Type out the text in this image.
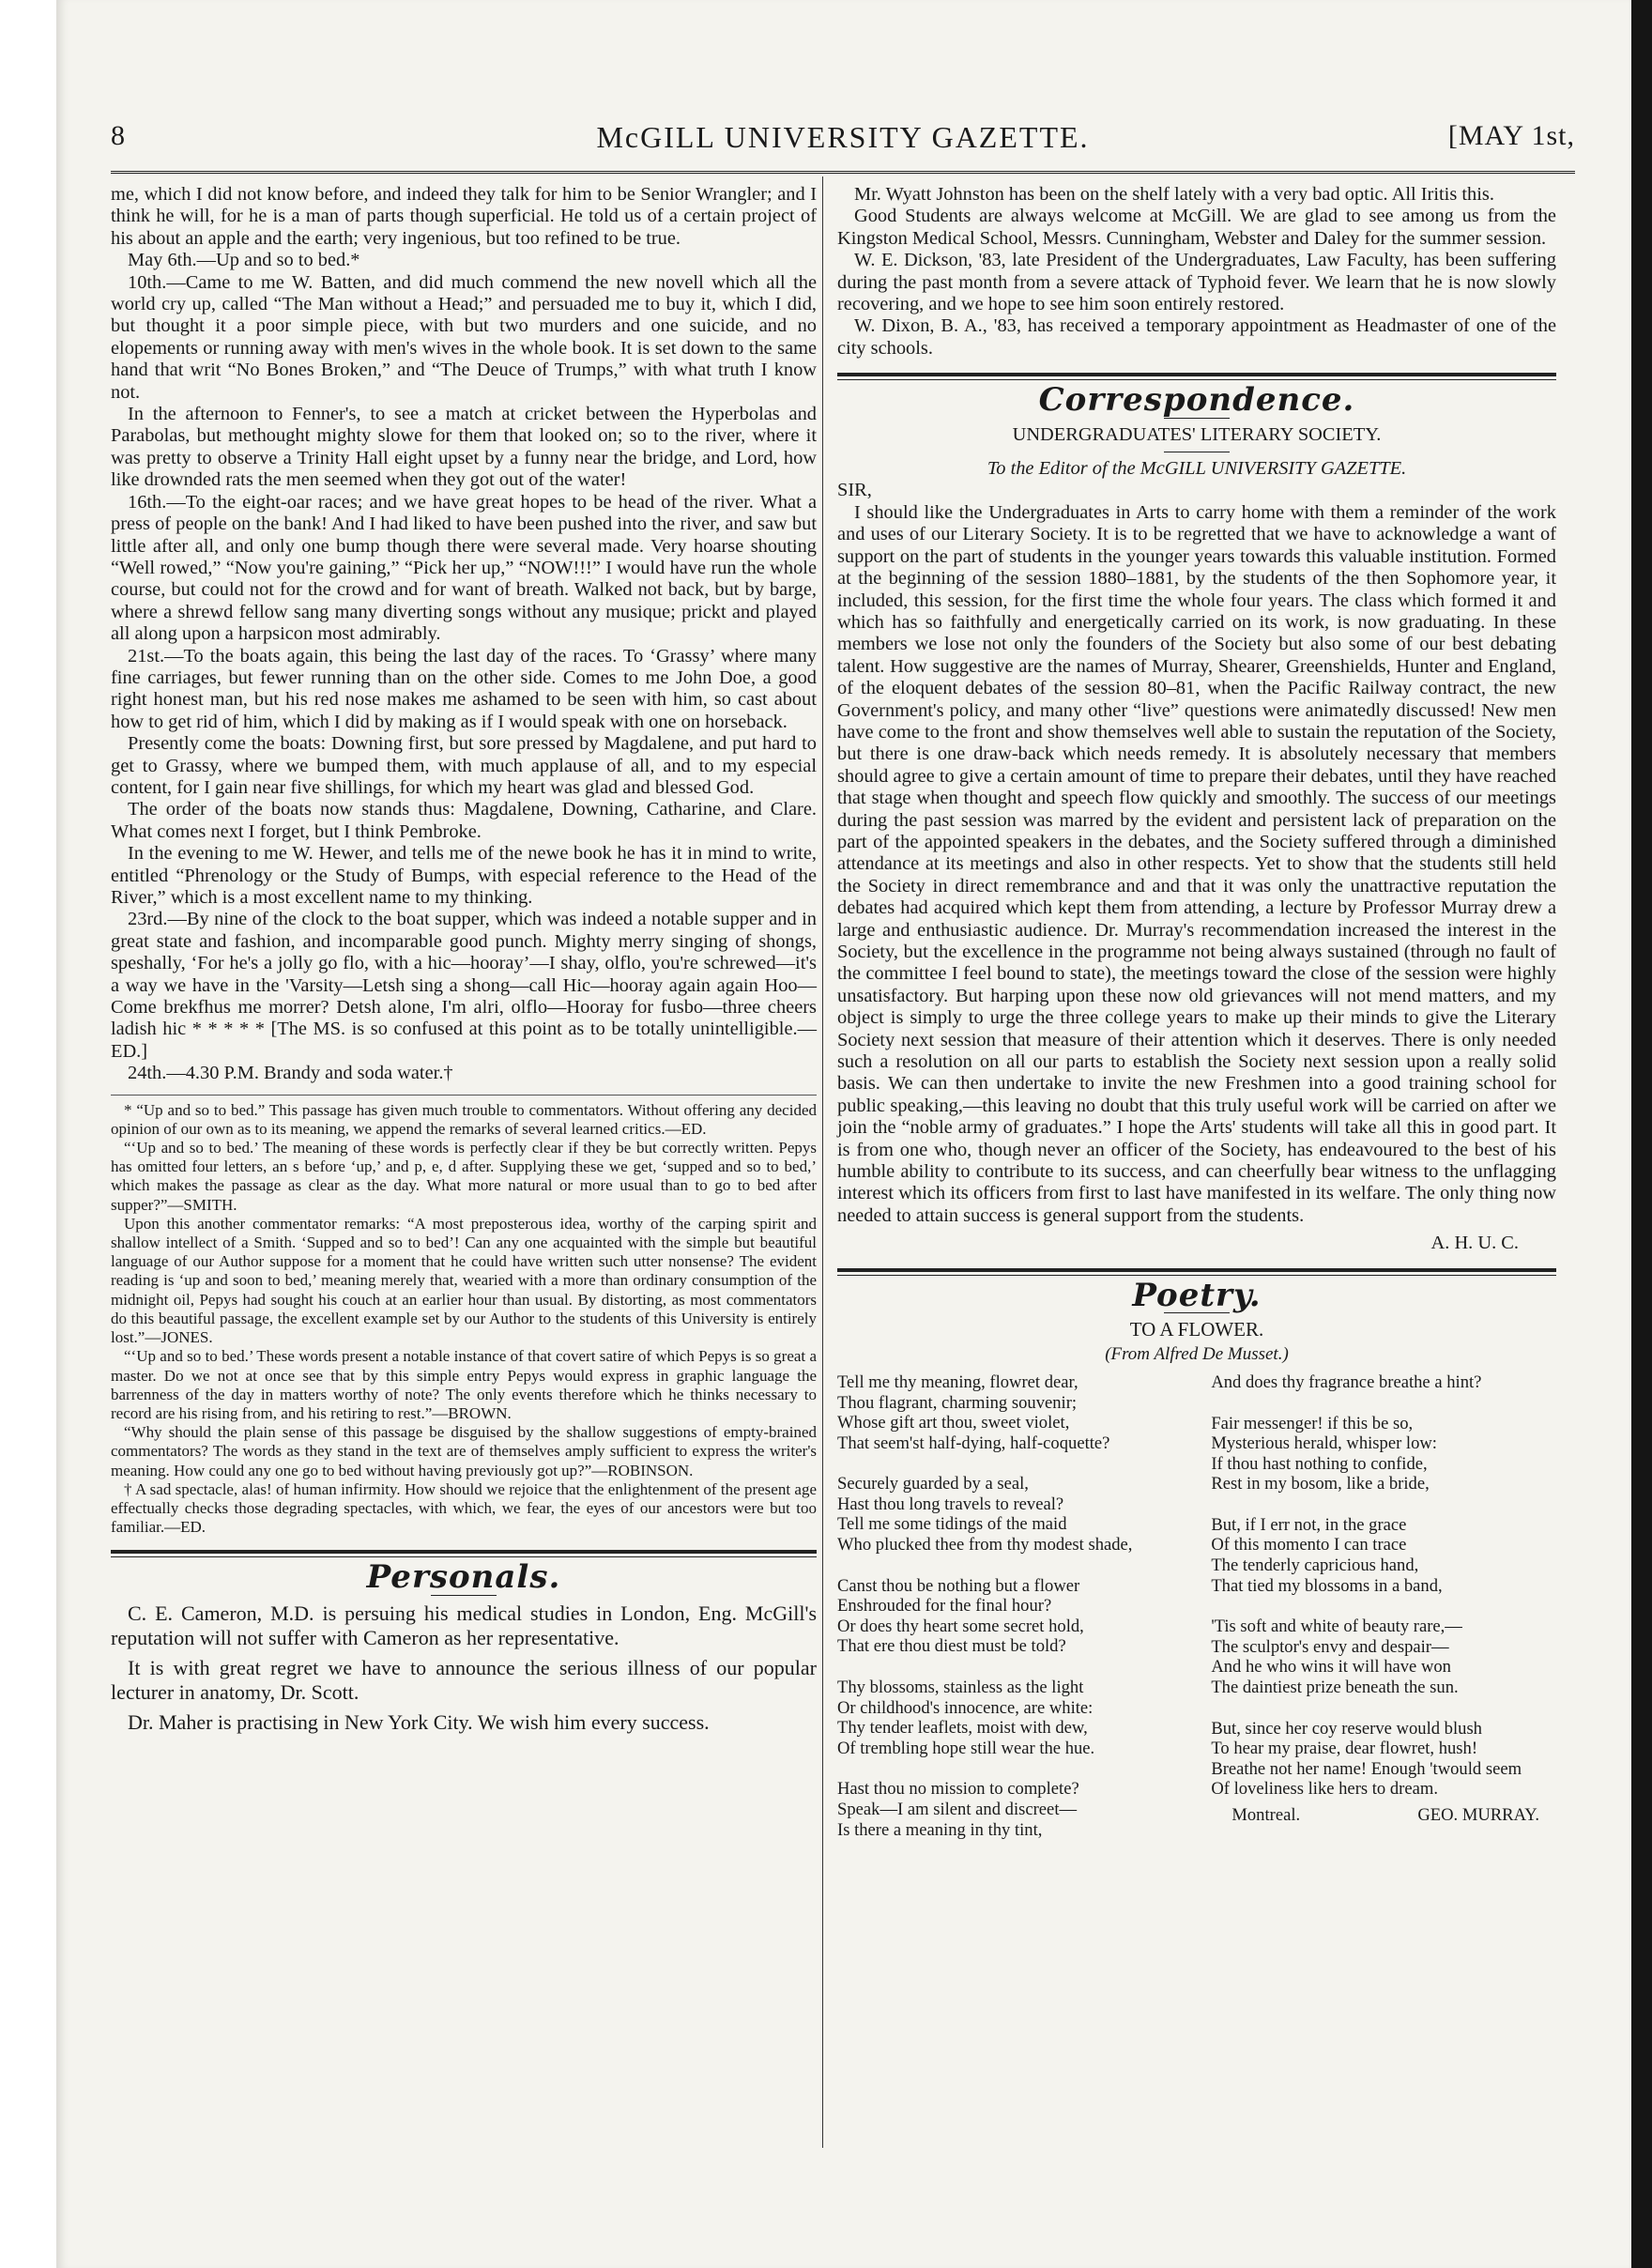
8	McGILL UNIVERSITY GAZETTE.	[MAY 1st,

me, which I did not know before, and indeed they talk for him to be Senior Wrangler; and I think he will, for he is a man of parts though superficial. He told us of a certain project of his about an apple and the earth; very ingenious, but too refined to be true.

May 6th.—Up and so to bed.*

10th.—Came to me W. Batten, and did much commend the new novell which all the world cry up, called “The Man without a Head;” and persuaded me to buy it, which I did, but thought it a poor simple piece, with but two murders and one suicide, and no elopements or running away with men's wives in the whole book. It is set down to the same hand that writ “No Bones Broken,” and “The Deuce of Trumps,” with what truth I know not.

In the afternoon to Fenner's, to see a match at cricket between the Hyperbolas and Parabolas, but methought mighty slowe for them that looked on; so to the river, where it was pretty to observe a Trinity Hall eight upset by a funny near the bridge, and Lord, how like drownded rats the men seemed when they got out of the water!

16th.—To the eight-oar races; and we have great hopes to be head of the river. What a press of people on the bank! And I had liked to have been pushed into the river, and saw but little after all, and only one bump though there were several made. Very hoarse shouting “Well rowed,” “Now you're gaining,” “Pick her up,” “NOW!!!” I would have run the whole course, but could not for the crowd and for want of breath. Walked not back, but by barge, where a shrewd fellow sang many diverting songs without any musique; prickt and played all along upon a harpsicon most admirably.

21st.—To the boats again, this being the last day of the races. To ‘Grassy’ where many fine carriages, but fewer running than on the other side. Comes to me John Doe, a good right honest man, but his red nose makes me ashamed to be seen with him, so cast about how to get rid of him, which I did by making as if I would speak with one on horseback.

Presently come the boats: Downing first, but sore pressed by Magdalene, and put hard to get to Grassy, where we bumped them, with much applause of all, and to my especial content, for I gain near five shillings, for which my heart was glad and blessed God.

The order of the boats now stands thus: Magdalene, Downing, Catharine, and Clare. What comes next I forget, but I think Pembroke.

In the evening to me W. Hewer, and tells me of the newe book he has it in mind to write, entitled “Phrenology or the Study of Bumps, with especial reference to the Head of the River,” which is a most excellent name to my thinking.

23rd.—By nine of the clock to the boat supper, which was indeed a notable supper and in great state and fashion, and incomparable good punch. Mighty merry singing of shongs, speshally, ‘For he's a jolly go flo, with a hic—hooray’—I shay, olflo, you're schrewed—it's a way we have in the 'Varsity—Letsh sing a shong—call Hic—hooray again again Hoo—Come brekfhus me morrer? Detsh alone, I'm alri, olflo—Hooray for fusbo—three cheers ladish hic * * * * * [The MS. is so confused at this point as to be totally unintelligible.—ED.]

24th.—4.30 P.M. Brandy and soda water.†

* “Up and so to bed.” This passage has given much trouble to commentators. Without offering any decided opinion of our own as to its meaning, we append the remarks of several learned critics.—ED.

“‘Up and so to bed.’ The meaning of these words is perfectly clear if they be but correctly written. Pepys has omitted four letters, an s before ‘up,’ and p, e, d after. Supplying these we get, ‘supped and so to bed,’ which makes the passage as clear as the day. What more natural or more usual than to go to bed after supper?”—SMITH.

Upon this another commentator remarks: “A most preposterous idea, worthy of the carping spirit and shallow intellect of a Smith. ‘Supped and so to bed’! Can any one acquainted with the simple but beautiful language of our Author suppose for a moment that he could have written such utter nonsense? The evident reading is ‘up and soon to bed,’ meaning merely that, wearied with a more than ordinary consumption of the midnight oil, Pepys had sought his couch at an earlier hour than usual. By distorting, as most commentators do this beautiful passage, the excellent example set by our Author to the students of this University is entirely lost.”—JONES.

“‘Up and so to bed.’ These words present a notable instance of that covert satire of which Pepys is so great a master. Do we not at once see that by this simple entry Pepys would express in graphic language the barrenness of the day in matters worthy of note? The only events therefore which he thinks necessary to record are his rising from, and his retiring to rest.”—BROWN.

“Why should the plain sense of this passage be disguised by the shallow suggestions of empty-brained commentators? The words as they stand in the text are of themselves amply sufficient to express the writer's meaning. How could any one go to bed without having previously got up?”—ROBINSON.

† A sad spectacle, alas! of human infirmity. How should we rejoice that the enlightenment of the present age effectually checks those degrading spectacles, with which, we fear, the eyes of our ancestors were but too familiar.—ED.

Personals.

C. E. Cameron, M.D. is persuing his medical studies in London, Eng. McGill's reputation will not suffer with Cameron as her representative.

It is with great regret we have to announce the serious illness of our popular lecturer in anatomy, Dr. Scott.

Dr. Maher is practising in New York City. We wish him every success.

Mr. Wyatt Johnston has been on the shelf lately with a very bad optic. All Iritis this.

Good Students are always welcome at McGill. We are glad to see among us from the Kingston Medical School, Messrs. Cunningham, Webster and Daley for the summer session.

W. E. Dickson, '83, late President of the Undergraduates, Law Faculty, has been suffering during the past month from a severe attack of Typhoid fever. We learn that he is now slowly recovering, and we hope to see him soon entirely restored.

W. Dixon, B. A., '83, has received a temporary appointment as Headmaster of one of the city schools.

Correspondence.

UNDERGRADUATES' LITERARY SOCIETY.

To the Editor of the McGILL UNIVERSITY GAZETTE.

SIR,

I should like the Undergraduates in Arts to carry home with them a reminder of the work and uses of our Literary Society. It is to be regretted that we have to acknowledge a want of support on the part of students in the younger years towards this valuable institution. Formed at the beginning of the session 1880–1881, by the students of the then Sophomore year, it included, this session, for the first time the whole four years. The class which formed it and which has so faithfully and energetically carried on its work, is now graduating. In these members we lose not only the founders of the Society but also some of our best debating talent. How suggestive are the names of Murray, Shearer, Greenshields, Hunter and England, of the eloquent debates of the session 80–81, when the Pacific Railway contract, the new Government's policy, and many other “live” questions were animatedly discussed! New men have come to the front and show themselves well able to sustain the reputation of the Society, but there is one draw-back which needs remedy. It is absolutely necessary that members should agree to give a certain amount of time to prepare their debates, until they have reached that stage when thought and speech flow quickly and smoothly. The success of our meetings during the past session was marred by the evident and persistent lack of preparation on the part of the appointed speakers in the debates, and the Society suffered through a diminished attendance at its meetings and also in other respects. Yet to show that the students still held the Society in direct remembrance and and that it was only the unattractive reputation the debates had acquired which kept them from attending, a lecture by Professor Murray drew a large and enthusiastic audience. Dr. Murray's recommendation increased the interest in the Society, but the excellence in the programme not being always sustained (through no fault of the committee I feel bound to state), the meetings toward the close of the session were highly unsatisfactory. But harping upon these now old grievances will not mend matters, and my object is simply to urge the three college years to make up their minds to give the Literary Society next session that measure of their attention which it deserves. There is only needed such a resolution on all our parts to establish the Society next session upon a really solid basis. We can then undertake to invite the new Freshmen into a good training school for public speaking,—this leaving no doubt that this truly useful work will be carried on after we join the “noble army of graduates.” I hope the Arts' students will take all this in good part. It is from one who, though never an officer of the Society, has endeavoured to the best of his humble ability to contribute to its success, and can cheerfully bear witness to the unflagging interest which its officers from first to last have manifested in its welfare. The only thing now needed to attain success is general support from the students.

A. H. U. C.

Poetry.
TO A FLOWER.
(From Alfred De Musset.)
Tell me thy meaning, flowret dear,
Thou flagrant, charming souvenir;
Whose gift art thou, sweet violet,
That seem'st half-dying, half-coquette?
Securely guarded by a seal,
Hast thou long travels to reveal?
Tell me some tidings of the maid
Who plucked thee from thy modest shade,
Canst thou be nothing but a flower
Enshrouded for the final hour?
Or does thy heart some secret hold,
That ere thou diest must be told?
Thy blossoms, stainless as the light
Or childhood's innocence, are white:
Thy tender leaflets, moist with dew,
Of trembling hope still wear the hue.
Hast thou no mission to complete?
Speak—I am silent and discreet—
Is there a meaning in thy tint,
And does thy fragrance breathe a hint?
Fair messenger! if this be so,
Mysterious herald, whisper low:
If thou hast nothing to confide,
Rest in my bosom, like a bride,
But, if I err not, in the grace
Of this momento I can trace
The tenderly capricious hand,
That tied my blossoms in a band,
'Tis soft and white of beauty rare,—
The sculptor's envy and despair—
And he who wins it will have won
The daintiest prize beneath the sun.
But, since her coy reserve would blush
To hear my praise, dear flowret, hush!
Breathe not her name! Enough 'twould seem
Of loveliness like hers to dream.
Montreal.	GEO. MURRAY.
